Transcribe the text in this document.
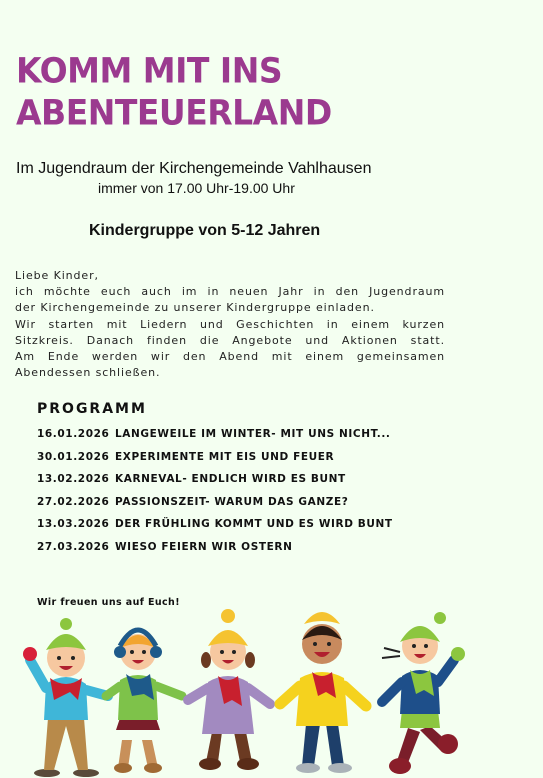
KOMM MIT INS
ABENTEUERLAND
Im Jugendraum der Kirchengemeinde Vahlhausen
immer von 17.00 Uhr-19.00 Uhr
Kindergruppe von 5-12 Jahren
Liebe Kinder,
ich möchte euch auch im in neuen Jahr in den Jugendraum
der Kirchengemeinde zu unserer Kindergruppe einladen.
Wir starten mit Liedern und Geschichten in einem kurzen
Sitzkreis. Danach finden die Angebote und Aktionen statt.
Am Ende werden wir den Abend mit einem gemeinsamen
Abendessen schließen.
PROGRAMM
16.01.2026 LANGEWEILE IM WINTER- MIT UNS NICHT...
30.01.2026 EXPERIMENTE MIT EIS UND FEUER
13.02.2026 KARNEVAL- ENDLICH WIRD ES BUNT
27.02.2026 PASSIONSZEIT- WARUM DAS GANZE?
13.03.2026 DER FRÜHLING KOMMT UND ES WIRD BUNT
27.03.2026 WIESO FEIERN WIR OSTERN
Wir freuen uns auf Euch!
